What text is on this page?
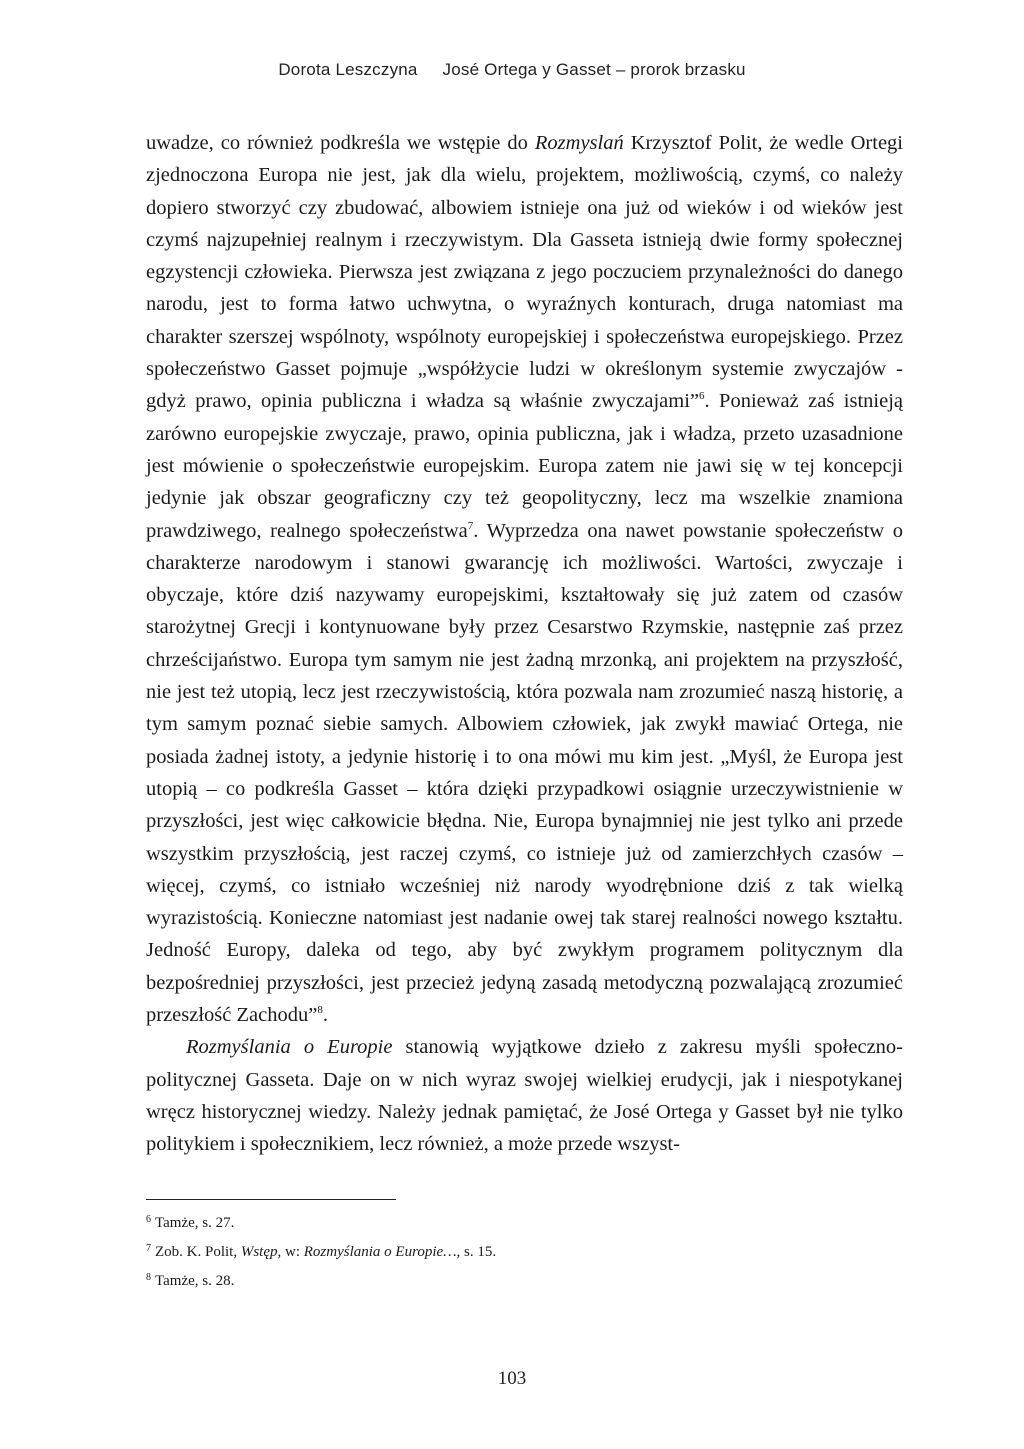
Dorota Leszczyna José Ortega y Gasset – prorok brzasku

uwadze, co również podkreśla we wstępie do Rozmyslań Krzysztof Polit, że wedle Ortegi zjednoczona Europa nie jest, jak dla wielu, projektem, możliwością, czymś, co należy dopiero stworzyć czy zbudować, albowiem istnieje ona już od wieków i od wieków jest czymś najzupełniej realnym i rzeczywistym. Dla Gasseta istnieją dwie formy społecznej egzystencji człowieka. Pierwsza jest związana z jego poczuciem przynależności do danego narodu, jest to forma łatwo uchwytna, o wyraźnych konturach, druga natomiast ma charakter szerszej wspólnoty, wspólnoty europejskiej i społeczeństwa europejskiego. Przez społeczeństwo Gasset pojmuje „współżycie ludzi w określonym systemie zwyczajów - gdyż prawo, opinia publiczna i władza są właśnie zwyczajami”$^6$. Ponieważ zaś istnieją zarówno europejskie zwyczaje, prawo, opinia publiczna, jak i władza, przeto uzasadnione jest mówienie o społeczeństwie europejskim. Europa zatem nie jawi się w tej koncepcji jedynie jak obszar geograficzny czy też geopolityczny, lecz ma wszelkie znamiona prawdziwego, realnego społeczeństwa$^7$. Wyprzedza ona nawet powstanie społeczeństw o charakterze narodowym i stanowi gwarancję ich możliwości. Wartości, zwyczaje i obyczaje, które dziś nazywamy europejskimi, kształtowały się już zatem od czasów starożytnej Grecji i kontynuowane były przez Cesarstwo Rzymskie, następnie zaś przez chrześcijaństwo. Europa tym samym nie jest żadną mrzonką, ani projektem na przyszłość, nie jest też utopią, lecz jest rzeczywistością, która pozwala nam zrozumieć naszą historię, a tym samym poznać siebie samych. Albowiem człowiek, jak zwykł mawiać Ortega, nie posiada żadnej istoty, a jedynie historię i to ona mówi mu kim jest. „Myśl, że Europa jest utopią – co podkreśla Gasset – która dzięki przypadkowi osiągnie urzeczywistnienie w przyszłości, jest więc całkowicie błędna. Nie, Europa bynajmniej nie jest tylko ani przede wszystkim przyszłością, jest raczej czymś, co istnieje już od zamierzchłych czasów – więcej, czymś, co istniało wcześniej niż narody wyodrębnione dziś z tak wielką wyrazistością. Konieczne natomiast jest nadanie owej tak starej realności nowego kształtu. Jedność Europy, daleka od tego, aby być zwykłym programem politycznym dla bezpośredniej przyszłości, jest przecież jedyną zasadą metodyczną pozwalającą zrozumieć przeszłość Zachodu”$^8$.

Rozmyślania o Europie stanowią wyjątkowe dzieło z zakresu myśli społeczno-politycznej Gasseta. Daje on w nich wyraz swojej wielkiej erudycji, jak i niespotykanej wręcz historycznej wiedzy. Należy jednak pamiętać, że José Ortega y Gasset był nie tylko politykiem i społecznikiem, lecz również, a może przede wszyst-

$^6$ Tamże, s. 27.
$^7$ Zob. K. Polit, Wstęp, w: Rozmyślania o Europie…, s. 15.
$^8$ Tamże, s. 28.
103
